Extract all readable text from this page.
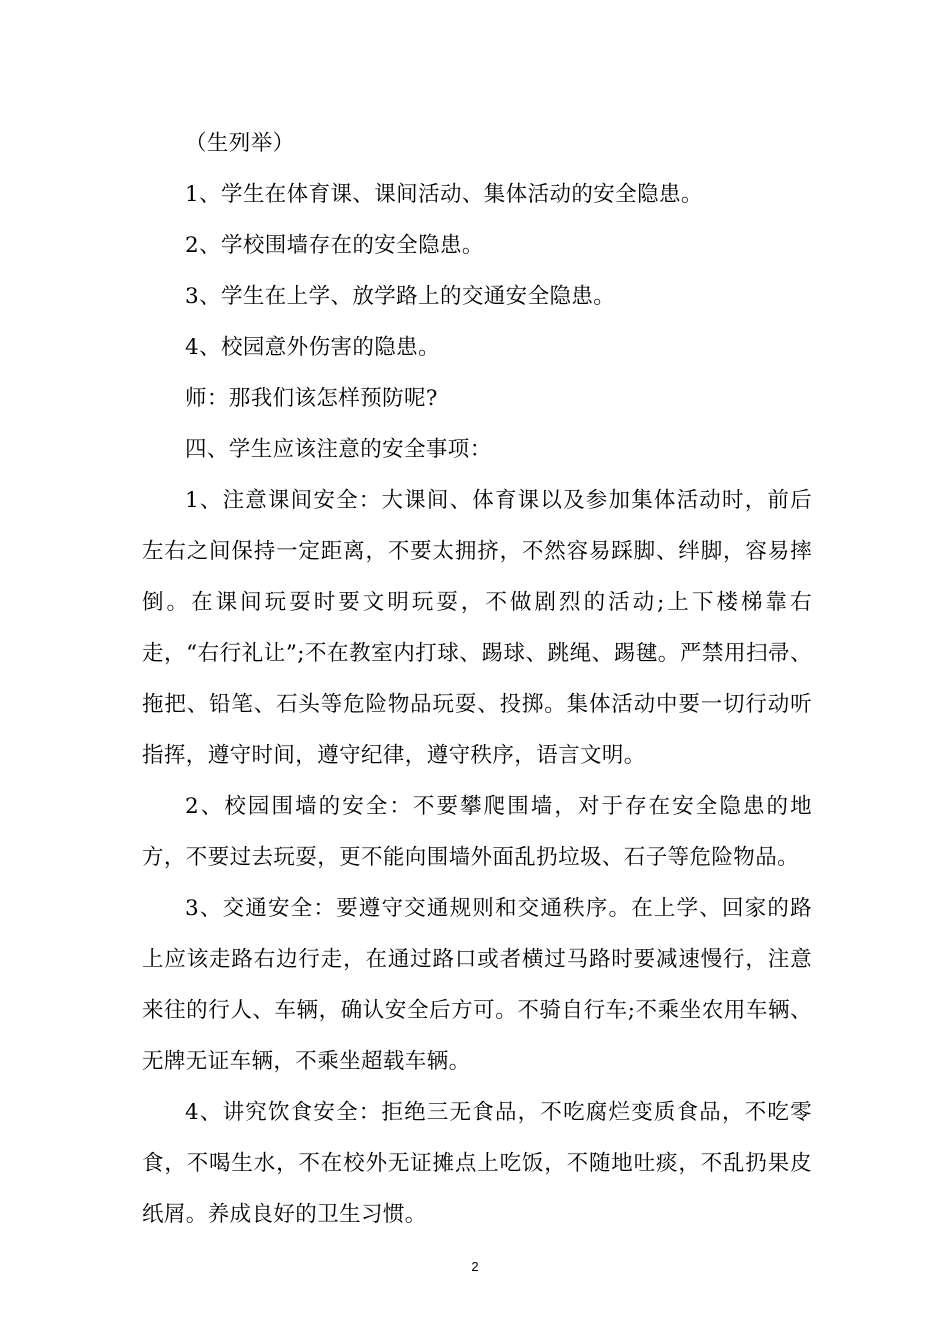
（生列举）

1、学生在体育课、课间活动、集体活动的安全隐患。

2、学校围墙存在的安全隐患。

3、学生在上学、放学路上的交通安全隐患。

4、校园意外伤害的隐患。

师：那我们该怎样预防呢?

四、学生应该注意的安全事项：

1、注意课间安全：大课间、体育课以及参加集体活动时，前后左右之间保持一定距离，不要太拥挤，不然容易踩脚、绊脚，容易摔倒。在课间玩耍时要文明玩耍，不做剧烈的活动;上下楼梯靠右走，“右行礼让”;不在教室内打球、踢球、跳绳、踢毽。严禁用扫帚、拖把、铅笔、石头等危险物品玩耍、投掷。集体活动中要一切行动听指挥，遵守时间，遵守纪律，遵守秩序，语言文明。

2、校园围墙的安全：不要攀爬围墙，对于存在安全隐患的地方，不要过去玩耍，更不能向围墙外面乱扔垃圾、石子等危险物品。

3、交通安全：要遵守交通规则和交通秩序。在上学、回家的路上应该走路右边行走，在通过路口或者横过马路时要减速慢行，注意来往的行人、车辆，确认安全后方可。不骑自行车;不乘坐农用车辆、无牌无证车辆，不乘坐超载车辆。

4、讲究饮食安全：拒绝三无食品，不吃腐烂变质食品，不吃零食，不喝生水，不在校外无证摊点上吃饭，不随地吐痰，不乱扔果皮纸屑。养成良好的卫生习惯。

2
